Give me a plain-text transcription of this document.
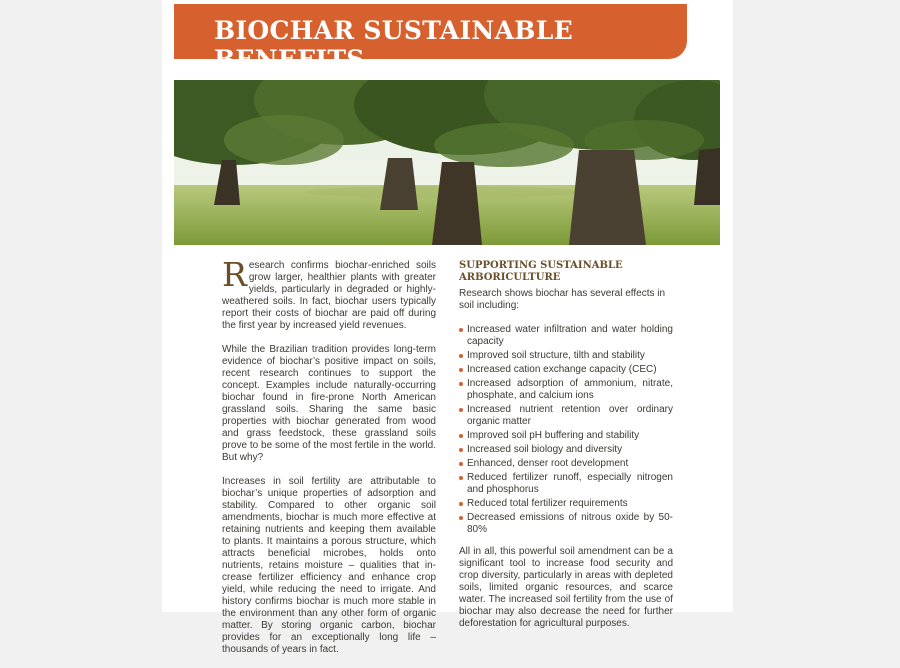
BIOCHAR SUSTAINABLE BENEFITS

Research confirms biochar-enriched soils grow larger, healthier plants with greater yields, particularly in degraded or highly-weathered soils. In fact, biochar users typically report their costs of biochar are paid off during the first year by increased yield revenues.

While the Brazilian tradition provides long-term evidence of biochar’s positive impact on soils, recent research continues to support the concept. Examples include naturally-occurring biochar found in fire-prone North American grassland soils. Sharing the same basic properties with biochar generated from wood and grass feedstock, these grassland soils prove to be some of the most fertile in the world. But why?

Increases in soil fertility are attributable to biochar’s unique properties of adsorption and stability. Compared to other organic soil amendments, biochar is much more effective at retaining nutrients and keeping them available to plants. It maintains a porous structure, which attracts beneficial microbes, holds onto nutrients, retains moisture – qualities that increase fertilizer efficiency and enhance crop yield, while reducing the need to irrigate. And history confirms biochar is much more stable in the environment than any other form of organic matter. By storing organic carbon, biochar provides for an exceptionally long life – thousands of years in fact.

SUPPORTING SUSTAINABLE ARBORICULTURE

Research shows biochar has several effects in soil including:

Increased water infiltration and water holding capacity
Improved soil structure, tilth and stability
Increased cation exchange capacity (CEC)
Increased adsorption of ammonium, nitrate, phosphate, and calcium ions
Increased nutrient retention over ordinary organic matter
Improved soil pH buffering and stability
Increased soil biology and diversity
Enhanced, denser root development
Reduced fertilizer runoff, especially nitrogen and phosphorus
Reduced total fertilizer requirements
Decreased emissions of nitrous oxide by 50-80%

All in all, this powerful soil amendment can be a significant tool to increase food security and crop diversity, particularly in areas with depleted soils, limited organic resources, and scarce water. The increased soil fertility from the use of biochar may also decrease the need for further deforestation for agricultural purposes.
